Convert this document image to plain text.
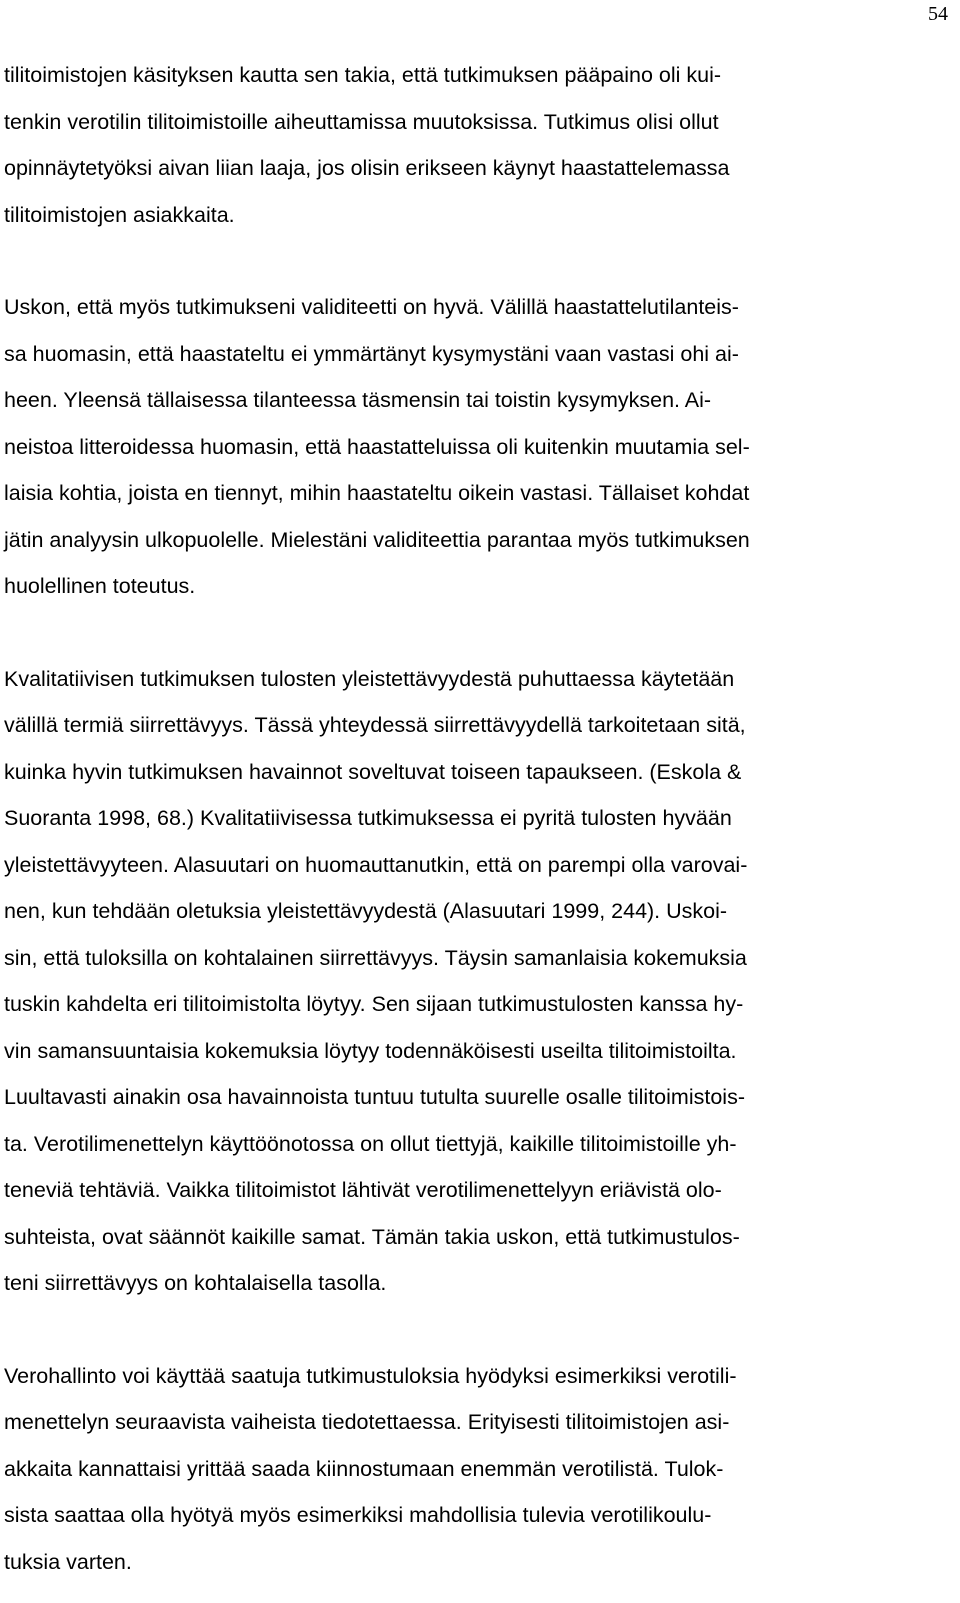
54

tilitoimistojen käsityksen kautta sen takia, että tutkimuksen pääpaino oli kui-
tenkin verotilin tilitoimistoille aiheuttamissa muutoksissa. Tutkimus olisi ollut
opinnäytetyöksi aivan liian laaja, jos olisin erikseen käynyt haastattelemassa
tilitoimistojen asiakkaita.

Uskon, että myös tutkimukseni validiteetti on hyvä. Välillä haastattelutilanteis-
sa huomasin, että haastateltu ei ymmärtänyt kysymystäni vaan vastasi ohi ai-
heen. Yleensä tällaisessa tilanteessa täsmensin tai toistin kysymyksen. Ai-
neistoa litteroidessa huomasin, että haastatteluissa oli kuitenkin muutamia sel-
laisia kohtia, joista en tiennyt, mihin haastateltu oikein vastasi. Tällaiset kohdat
jätin analyysin ulkopuolelle. Mielestäni validiteettia parantaa myös tutkimuksen
huolellinen toteutus.

Kvalitatiivisen tutkimuksen tulosten yleistettävyydestä puhuttaessa käytetään
välillä termiä siirrettävyys. Tässä yhteydessä siirrettävyydellä tarkoitetaan sitä,
kuinka hyvin tutkimuksen havainnot soveltuvat toiseen tapaukseen. (Eskola &
Suoranta 1998, 68.) Kvalitatiivisessa tutkimuksessa ei pyritä tulosten hyvään
yleistettävyyteen. Alasuutari on huomauttanutkin, että on parempi olla varovai-
nen, kun tehdään oletuksia yleistettävyydestä (Alasuutari 1999, 244). Uskoi-
sin, että tuloksilla on kohtalainen siirrettävyys. Täysin samanlaisia kokemuksia
tuskin kahdelta eri tilitoimistolta löytyy. Sen sijaan tutkimustulosten kanssa hy-
vin samansuuntaisia kokemuksia löytyy todennäköisesti useilta tilitoimistoilta.
Luultavasti ainakin osa havainnoista tuntuu tutulta suurelle osalle tilitoimistois-
ta. Verotilimenettelyn käyttöönotossa on ollut tiettyjä, kaikille tilitoimistoille yh-
teneviä tehtäviä. Vaikka tilitoimistot lähtivät verotilimenettelyyn eriävistä olo-
suhteista, ovat säännöt kaikille samat. Tämän takia uskon, että tutkimustulos-
teni siirrettävyys on kohtalaisella tasolla.

Verohallinto voi käyttää saatuja tutkimustuloksia hyödyksi esimerkiksi verotili-
menettelyn seuraavista vaiheista tiedotettaessa. Erityisesti tilitoimistojen asi-
akkaita kannattaisi yrittää saada kiinnostumaan enemmän verotilistä. Tulok-
sista saattaa olla hyötyä myös esimerkiksi mahdollisia tulevia verotilikoulu-
tuksia varten.
